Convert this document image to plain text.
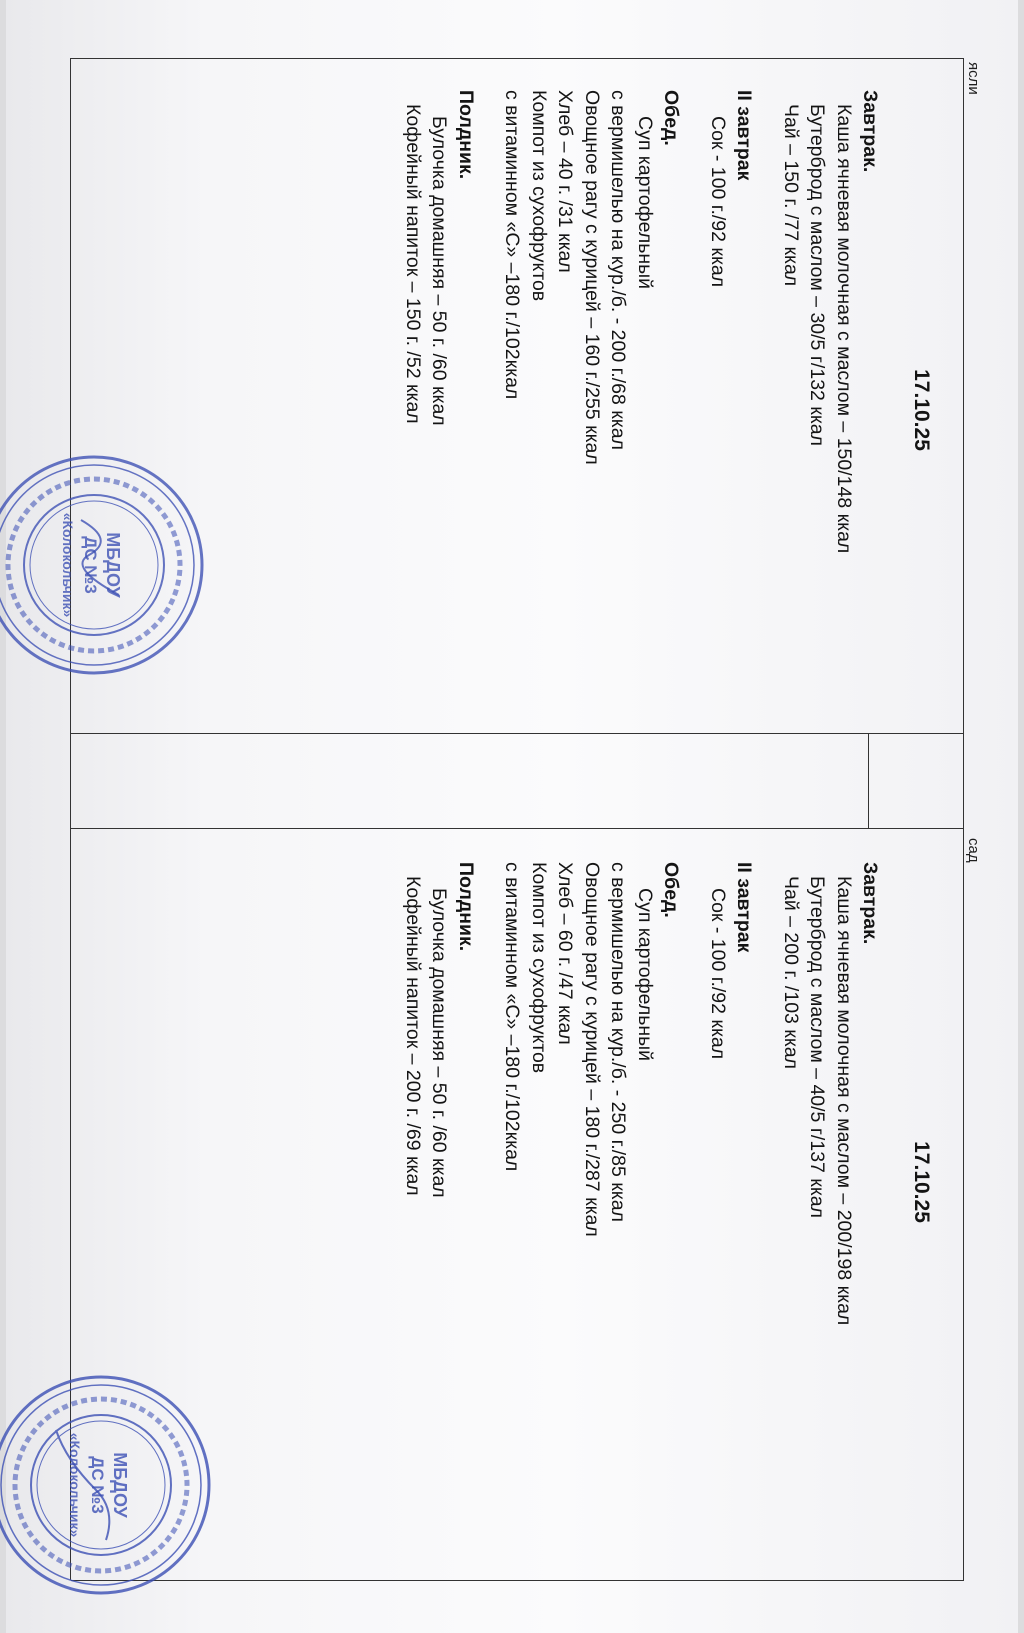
ясли
сад
17.10.25
Завтрак.
Каша ячневая молочная с маслом – 150/148 ккал
Бутерброд с маслом – 30/5 г/132 ккал
Чай – 150 г. /77 ккал
II завтрак
Сок - 100 г./92 ккал
Обед.
Суп картофельный
с вермишелью на кур./б. - 200 г./68 ккал
Овощное рагу с курицей – 160 г./255 ккал
Хлеб – 40 г. /31 ккал
Компот из сухофруктов
с витаминном «С» –180 г./102ккал
Полдник.
Булочка домашняя – 50 г. /60 ккал
Кофейный напиток – 150 г. /52 ккал
17.10.25
Завтрак.
Каша ячневая молочная с маслом – 200/198 ккал
Бутерброд с маслом – 40/5 г/137 ккал
Чай – 200 г. /103 ккал
II завтрак
Сок - 100 г./92 ккал
Обед.
Суп картофельный
с вермишелью на кур./б. - 250 г./85 ккал
Овощное рагу с курицей – 180 г./287 ккал
Хлеб – 60 г. /47 ккал
Компот из сухофруктов
с витаминном «С» –180 г./102ккал
Полдник.
Булочка домашняя – 50 г. /60 ккал
Кофейный напиток – 200 г. /69 ккал
МБДОУ
ДС №3
«Колокольчик»
МБДОУ
ДС №3
«Колокольчик»
